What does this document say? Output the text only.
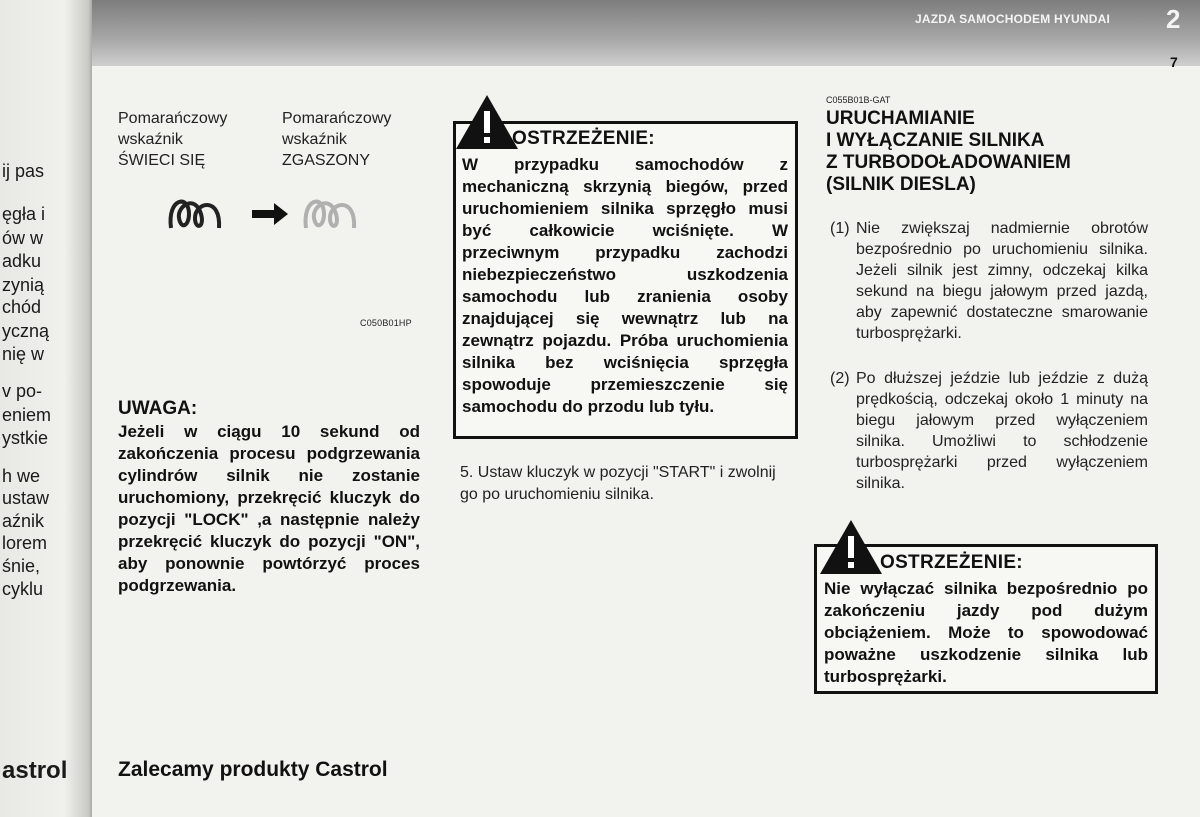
JAZDA SAMOCHODEM HYUNDAI 2
7
ij pas
ęgła i
ów w
adku
zynią
chód
yczną
nię w
v po-
eniem
ystkie
h we
ustaw
aźnik
lorem
śnie,
cyklu
astrol
Pomarańczowy
wskaźnik
ŚWIECI SIĘ
Pomarańczowy
wskaźnik
ZGASZONY
C050B01HP
UWAGA:
Jeżeli w ciągu 10 sekund od zakończenia procesu podgrzewania cylindrów silnik nie zostanie uruchomiony, przekręcić kluczyk do pozycji "LOCK" ,a następnie należy przekręcić kluczyk do pozycji "ON", aby ponownie powtórzyć proces podgrzewania.
Zalecamy produkty Castrol
OSTRZEŻENIE:
W przypadku samochodów z mechaniczną skrzynią biegów, przed uruchomieniem silnika sprzęgło musi być całkowicie wciśnięte. W przeciwnym przypadku zachodzi niebezpieczeństwo uszkodzenia samochodu lub zranienia osoby znajdującej się wewnątrz lub na zewnątrz pojazdu. Próba uruchomienia silnika bez wciśnięcia sprzęgła spowoduje przemieszczenie się samochodu do przodu lub tyłu.
5. Ustaw kluczyk w pozycji "START" i zwolnij go po uruchomieniu silnika.
C055B01B-GAT
URUCHAMIANIE
I WYŁĄCZANIE SILNIKA
Z TURBODOŁADOWANIEM
(SILNIK DIESLA)
(1) Nie zwiększaj nadmiernie obrotów bezpośrednio po uruchomieniu silnika. Jeżeli silnik jest zimny, odczekaj kilka sekund na biegu jałowym przed jazdą, aby zapewnić dostateczne smarowanie turbosprężarki.
(2) Po dłuższej jeździe lub jeździe z dużą prędkością, odczekaj około 1 minuty na biegu jałowym przed wyłączeniem silnika. Umożliwi to schłodzenie turbosprężarki przed wyłączeniem silnika.
OSTRZEŻENIE:
Nie wyłączać silnika bezpośrednio po zakończeniu jazdy pod dużym obciążeniem. Może to spowodować poważne uszkodzenie silnika lub turbosprężarki.
